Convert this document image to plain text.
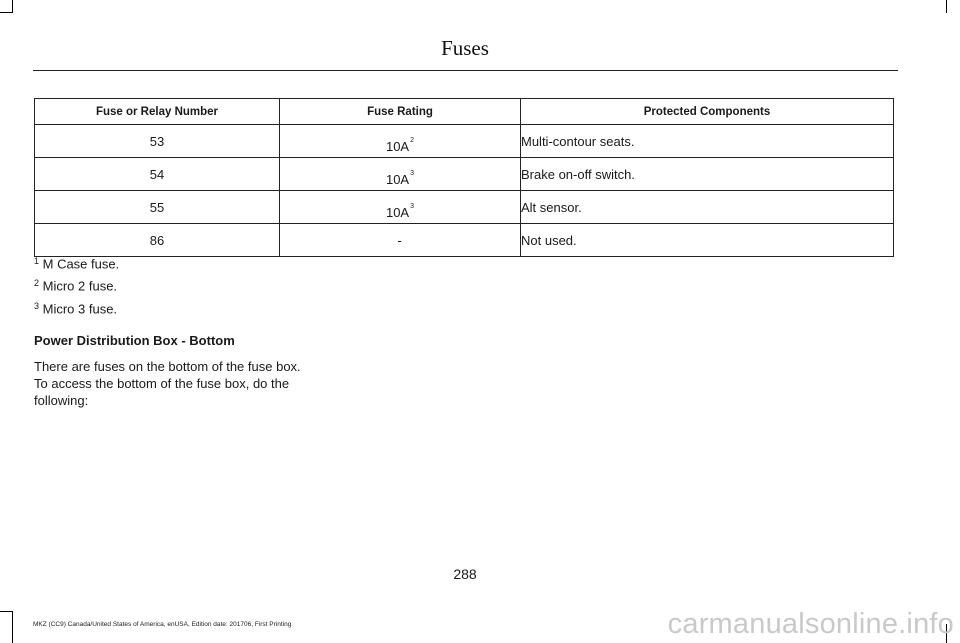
Fuses
Fuse or Relay Number	Fuse Rating	Protected Components
53	$10A^2$	Multi-contour seats.
54	$10A^3$	Brake on-off switch.
55	$10A^3$	Alt sensor.
86	-	Not used.

$^1$ M Case fuse.

$^2$ Micro 2 fuse.

$^3$ Micro 3 fuse.

Power Distribution Box - Bottom

There are fuses on the bottom of the fuse box. To access the bottom of the fuse box, do the following:

288
MKZ (CC9) Canada/United States of America, enUSA, Edition date: 201706, First Printing	carmanualsonline.info
